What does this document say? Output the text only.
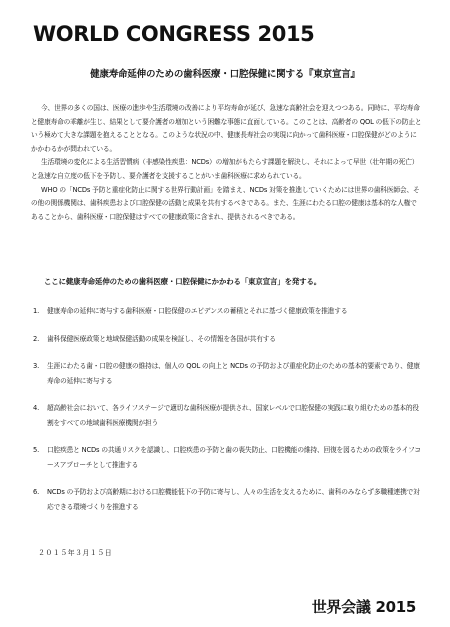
WORLD CONGRESS 2015
健康寿命延伸のための歯科医療・口腔保健に関する『東京宣言』

今、世界の多くの国は、医療の進歩や生活環境の改善により平均寿命が延び、急速な高齢社会を迎えつつある。同時に、平均寿命と健康寿命の乖離が生じ、結果として要介護者の増加という困難な事態に直面している。このことは、高齢者の QOL の低下の防止という極めて大きな課題を抱えることとなる。このような状況の中、健康長寿社会の実現に向かって歯科医療・口腔保健がどのようにかかわるかが問われている。

生活環境の変化による生活習慣病（非感染性疾患：NCDs）の増加がもたらす課題を解決し、それによって早世（壮年期の死亡）と急速な自立度の低下を予防し、要介護者を支援することがいま歯科医療に求められている。

WHO の「NCDs 予防と重症化防止に関する世界行動計画」を踏まえ、NCDs 対策を推進していくためには世界の歯科医師会、その他の関係機関は、歯科疾患および口腔保健の活動と成果を共有するべきである。また、生涯にわたる口腔の健康は基本的な人権であることから、歯科医療・口腔保健はすべての健康政策に含まれ、提供されるべきである。

ここに健康寿命延伸のための歯科医療・口腔保健にかかわる「東京宣言」を発する。
1.	健康寿命の延伸に寄与する歯科医療・口腔保健のエビデンスの蓄積とそれに基づく健康政策を推進する
2.	歯科保健医療政策と地域保健活動の成果を検証し、その情報を各国が共有する
3.	生涯にわたる歯・口腔の健康の維持は、個人の QOL の向上と NCDs の予防および重症化防止のための基本的要素であり、健康寿命の延伸に寄与する
4.	超高齢社会において、各ライフステージで適切な歯科医療が提供され、国家レベルで口腔保健の実践に取り組むための基本的役割をすべての地域歯科医療機関が担う
5.	口腔疾患と NCDs の共通リスクを認識し、口腔疾患の予防と歯の喪失防止、口腔機能の維持、回復を図るための政策をライフコースアプローチとして推進する
6.	NCDs の予防および高齢期における口腔機能低下の予防に寄与し、人々の生活を支えるために、歯科のみならず多職種連携で対応できる環境づくりを推進する
２０１５年３月１５日
世界会議 2015
